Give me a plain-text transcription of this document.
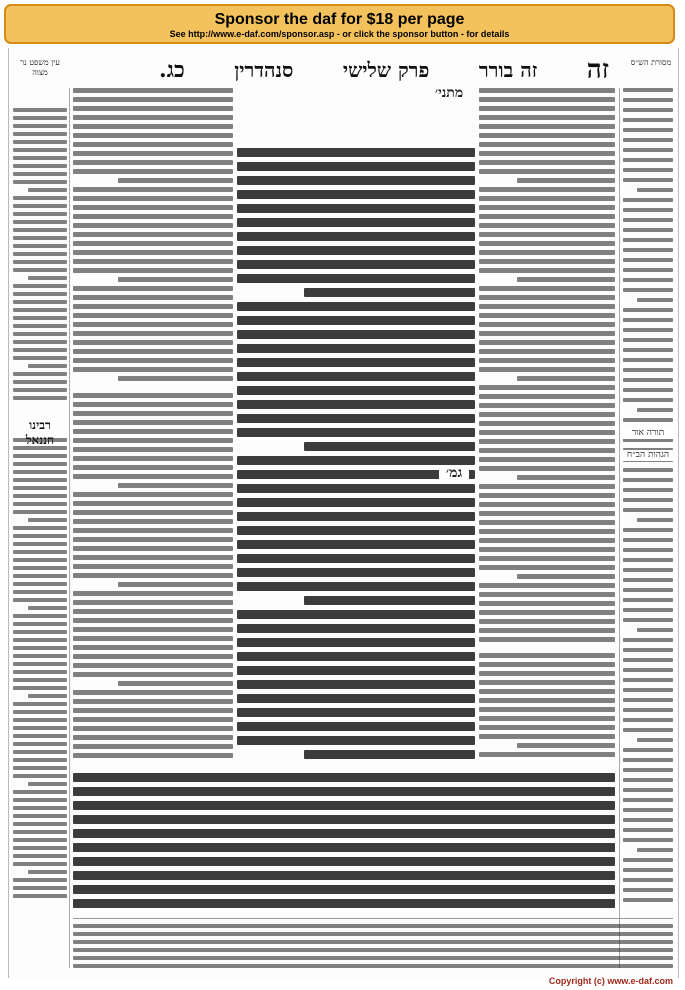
Sponsor the daf for $18 per page
See http://www.e-daf.com/sponsor.asp - or click the sponsor button - for details
זה
זה בורר
פרק שלישי
סנהדרין
כג.	מסורת הש״ס
עין משפט נר מצוה
רבינו
תורה אור
הגהות הב״ח
גמ׳
מתני׳
Copyright (c) www.e-daf.com
